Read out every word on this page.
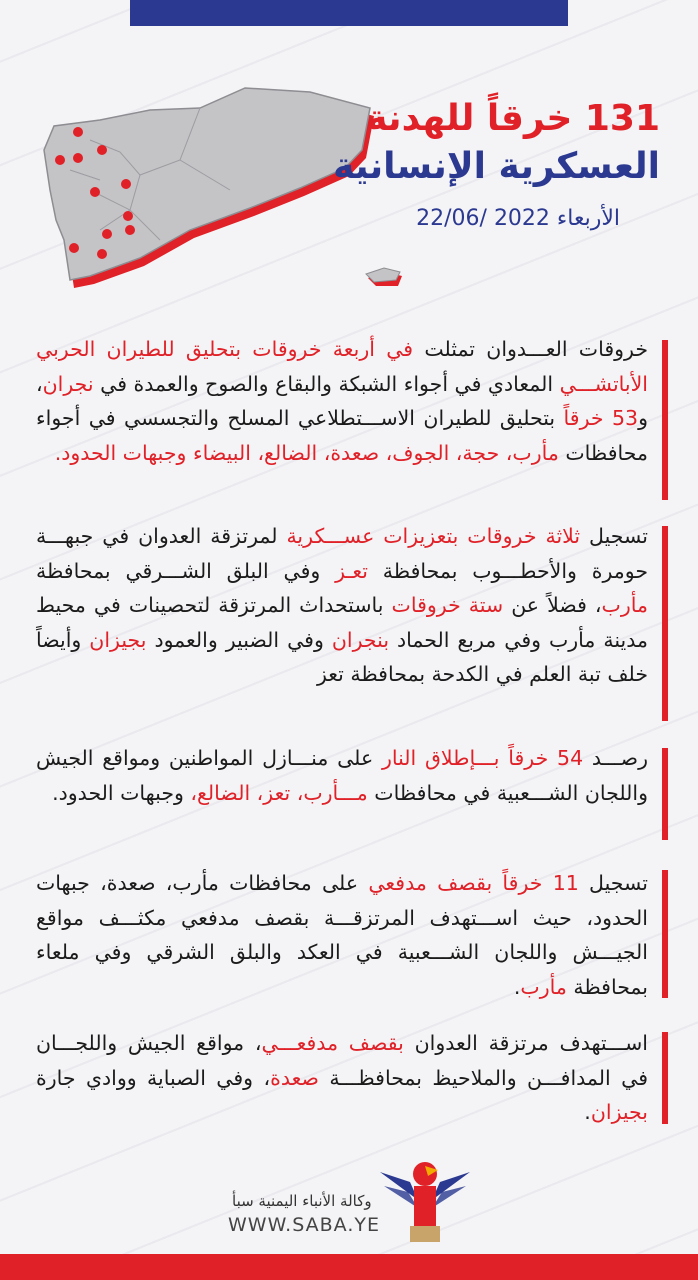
131 خرقاً للهدنة
العسكرية الإنسانية
الأربعاء 2022 /22/06
خروقات العـــدوان تمثلت في أربعة خروقات بتحليق للطيران الحربي الأباتشـــي المعادي في أجواء الشبكة والبقاع والصوح والعمدة في نجران، و53 خرقاً بتحليق للطيران الاســـتطلاعي المسلح والتجسسي في أجواء محافظات مأرب، حجة، الجوف، صعدة، الضالع، البيضاء وجبهات الحدود.
تسجيل ثلاثة خروقات بتعزيزات عســـكرية لمرتزقة العدوان في جبهـــة حومرة والأحطـــوب بمحافظة تعـز وفي البلق الشـــرقي بمحافظة مأرب، فضلاً عن ستة خروقات باستحداث المرتزقة لتحصينات في محيط مدينة مأرب وفي مربع الحماد بنجران وفي الضبير والعمود بجيزان وأيضاً خلف تبة العلم في الكدحة بمحافظة تعز
رصـــد 54 خرقاً بـــإطلاق النار على منـــازل المواطنين ومواقع الجيش واللجان الشـــعبية في محافظات مـــأرب، تعز، الضالع، وجبهات الحدود.
تسجيل 11 خرقاً بقصف مدفعي على محافظات مأرب، صعدة، جبهات الحدود، حيث اســـتهدف المرتزقـــة بقصف مدفعي مكثـــف مواقع الجيـــش واللجان الشـــعبية في العكد والبلق الشرقي وفي ملعاء بمحافظة مأرب.
اســـتهدف مرتزقة العدوان بقصف مدفعـــي، مواقع الجيش واللجـــان في المدافـــن والملاحيظ بمحافظـــة صعدة، وفي الصباية ووادي جارة بجيزان.
وكالة الأنباء اليمنية سبأ
WWW.SABA.YE
